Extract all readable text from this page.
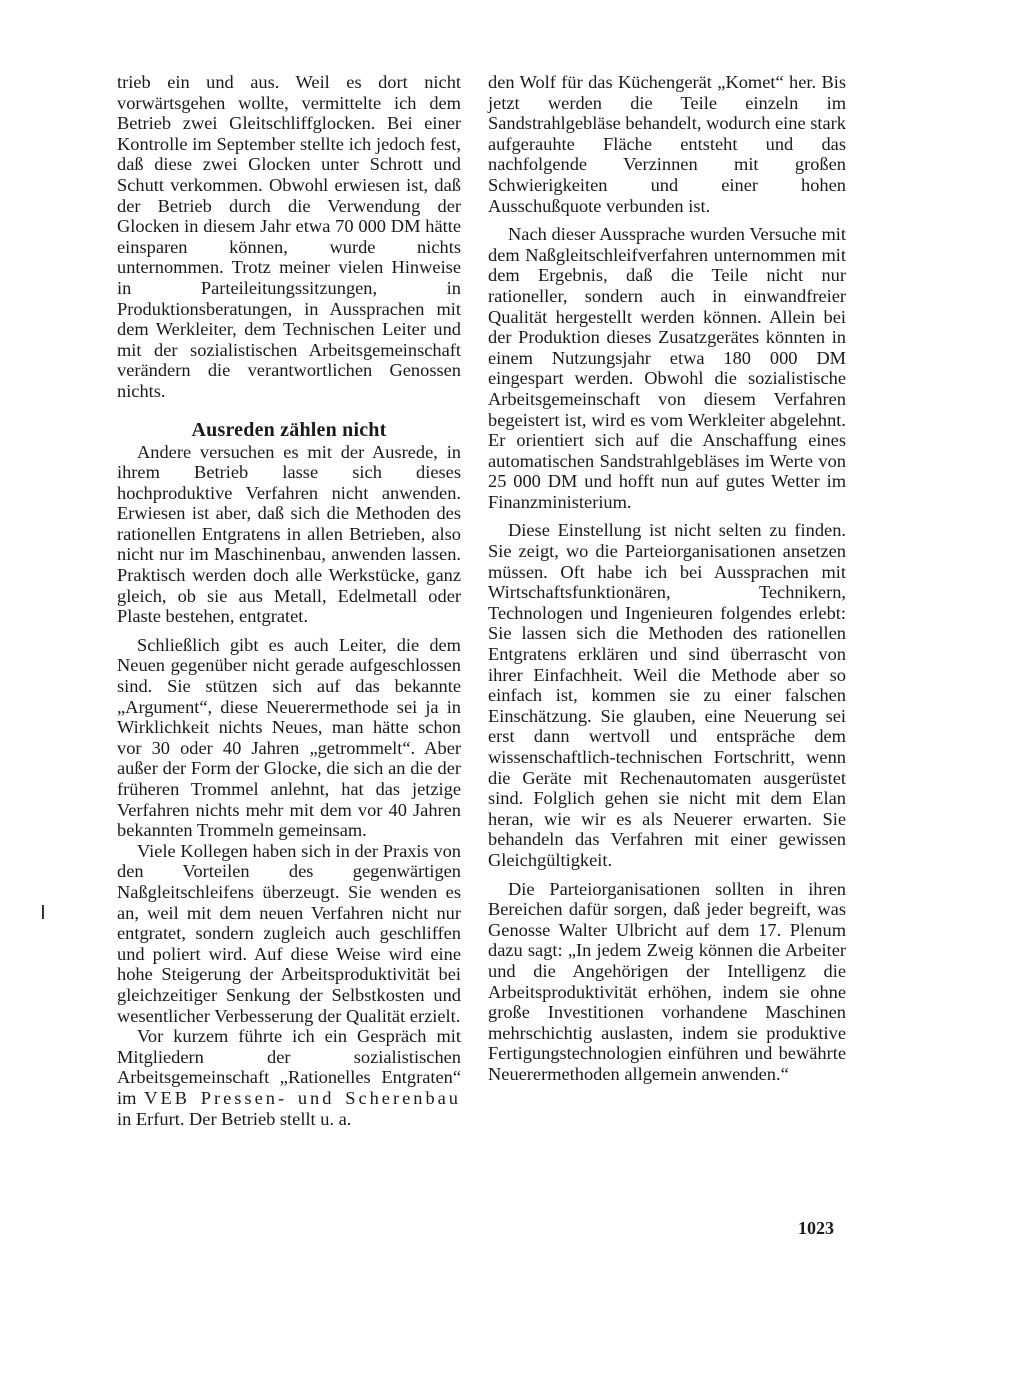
trieb ein und aus. Weil es dort nicht vorwärtsgehen wollte, vermittelte ich dem Betrieb zwei Gleitschliffglocken. Bei einer Kontrolle im September stellte ich jedoch fest, daß diese zwei Glocken unter Schrott und Schutt verkommen. Obwohl erwiesen ist, daß der Betrieb durch die Verwendung der Glocken in diesem Jahr etwa 70 000 DM hätte einsparen können, wurde nichts unternommen. Trotz meiner vielen Hinweise in Parteileitungssitzungen, in Produktionsberatungen, in Aussprachen mit dem Werkleiter, dem Technischen Leiter und mit der sozialistischen Arbeitsgemeinschaft verändern die verantwortlichen Genossen nichts.

Ausreden zählen nicht

Andere versuchen es mit der Ausrede, in ihrem Betrieb lasse sich dieses hochproduktive Verfahren nicht anwenden. Erwiesen ist aber, daß sich die Methoden des rationellen Entgratens in allen Betrieben, also nicht nur im Maschinenbau, anwenden lassen. Praktisch werden doch alle Werkstücke, ganz gleich, ob sie aus Metall, Edelmetall oder Plaste bestehen, entgratet.

Schließlich gibt es auch Leiter, die dem Neuen gegenüber nicht gerade aufgeschlossen sind. Sie stützen sich auf das bekannte „Argument“, diese Neuerermethode sei ja in Wirklichkeit nichts Neues, man hätte schon vor 30 oder 40 Jahren „getrommelt“. Aber außer der Form der Glocke, die sich an die der früheren Trommel anlehnt, hat das jetzige Verfahren nichts mehr mit dem vor 40 Jahren bekannten Trommeln gemeinsam.

Viele Kollegen haben sich in der Praxis von den Vorteilen des gegenwärtigen Naßgleitschleifens überzeugt. Sie wenden es an, weil mit dem neuen Verfahren nicht nur entgratet, sondern zugleich auch geschliffen und poliert wird. Auf diese Weise wird eine hohe Steigerung der Arbeitsproduktivität bei gleichzeitiger Senkung der Selbstkosten und wesentlicher Verbesserung der Qualität erzielt.

Vor kurzem führte ich ein Gespräch mit Mitgliedern der sozialistischen Arbeitsgemeinschaft „Rationelles Entgraten“ im VEB Pressen- und Scherenbau in Erfurt. Der Betrieb stellt u. a.

den Wolf für das Küchengerät „Komet“ her. Bis jetzt werden die Teile einzeln im Sandstrahlgebläse behandelt, wodurch eine stark aufgerauhte Fläche entsteht und das nachfolgende Verzinnen mit großen Schwierigkeiten und einer hohen Ausschußquote verbunden ist.

Nach dieser Aussprache wurden Versuche mit dem Naßgleitschleifverfahren unternommen mit dem Ergebnis, daß die Teile nicht nur rationeller, sondern auch in einwandfreier Qualität hergestellt werden können. Allein bei der Produktion dieses Zusatzgerätes könnten in einem Nutzungsjahr etwa 180 000 DM eingespart werden. Obwohl die sozialistische Arbeitsgemeinschaft von diesem Verfahren begeistert ist, wird es vom Werkleiter abgelehnt. Er orientiert sich auf die Anschaffung eines automatischen Sandstrahlgebläses im Werte von 25 000 DM und hofft nun auf gutes Wetter im Finanzministerium.

Diese Einstellung ist nicht selten zu finden. Sie zeigt, wo die Parteiorganisationen ansetzen müssen. Oft habe ich bei Aussprachen mit Wirtschaftsfunktionären, Technikern, Technologen und Ingenieuren folgendes erlebt: Sie lassen sich die Methoden des rationellen Entgratens erklären und sind überrascht von ihrer Einfachheit. Weil die Methode aber so einfach ist, kommen sie zu einer falschen Einschätzung. Sie glauben, eine Neuerung sei erst dann wertvoll und entspräche dem wissenschaftlich-technischen Fortschritt, wenn die Geräte mit Rechenautomaten ausgerüstet sind. Folglich gehen sie nicht mit dem Elan heran, wie wir es als Neuerer erwarten. Sie behandeln das Verfahren mit einer gewissen Gleichgültigkeit.

Die Parteiorganisationen sollten in ihren Bereichen dafür sorgen, daß jeder begreift, was Genosse Walter Ulbricht auf dem 17. Plenum dazu sagt: „In jedem Zweig können die Arbeiter und die Angehörigen der Intelligenz die Arbeitsproduktivität erhöhen, indem sie ohne große Investitionen vorhandene Maschinen mehrschichtig auslasten, indem sie produktive Fertigungstechnologien einführen und bewährte Neuerermethoden allgemein anwenden.“

1023
